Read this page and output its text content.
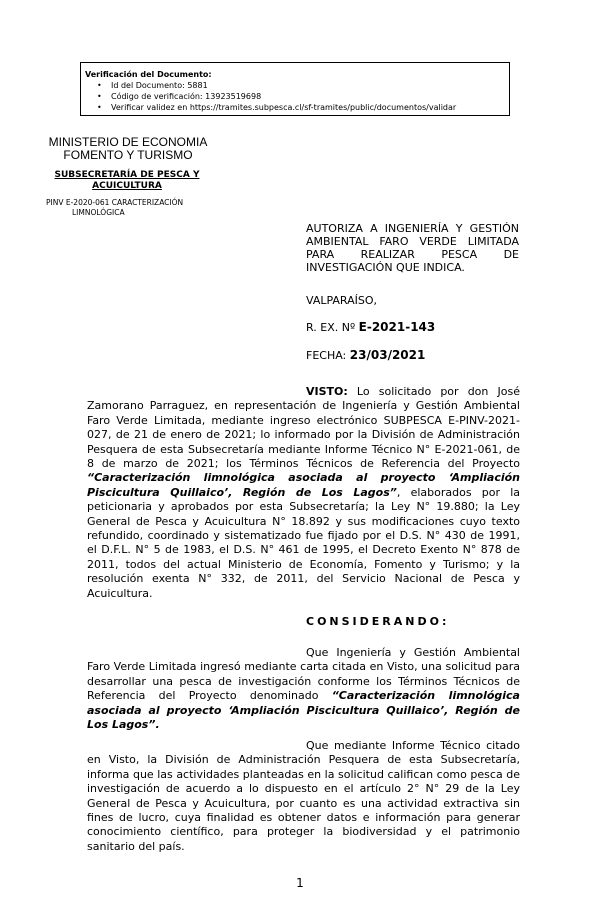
Verificación del Documento:

• Id del Documento: 5881
• Código de verificación: 13923519698
• Verificar validez en https://tramites.subpesca.cl/sf-tramites/public/documentos/validar
MINISTERIO DE ECONOMIA
FOMENTO Y TURISMO
SUBSECRETARÍA DE PESCA Y
ACUICULTURA
PINV E-2020-061 CARACTERIZACIÓN
LIMNOLÓGICA
AUTORIZA A INGENIERÍA Y GESTIÓN AMBIENTAL FARO VERDE LIMITADA PARA REALIZAR PESCA DE INVESTIGACIÓN QUE INDICA.
VALPARAÍSO,
R. EX. Nº E-2021-143
FECHA: 23/03/2021
VISTO: Lo solicitado por don José Zamorano Parraguez, en representación de Ingeniería y Gestión Ambiental Faro Verde Limitada, mediante ingreso electrónico SUBPESCA E-PINV-2021-027, de 21 de enero de 2021; lo informado por la División de Administración Pesquera de esta Subsecretaría mediante Informe Técnico N° E-2021-061, de 8 de marzo de 2021; los Términos Técnicos de Referencia del Proyecto “Caracterización limnológica asociada al proyecto ‘Ampliación Piscicultura Quillaico’, Región de Los Lagos”, elaborados por la peticionaria y aprobados por esta Subsecretaría; la Ley N° 19.880; la Ley General de Pesca y Acuicultura N° 18.892 y sus modificaciones cuyo texto refundido, coordinado y sistematizado fue fijado por el D.S. N° 430 de 1991, el D.F.L. N° 5 de 1983, el D.S. N° 461 de 1995, el Decreto Exento N° 878 de 2011, todos del actual Ministerio de Economía, Fomento y Turismo; y la resolución exenta N° 332, de 2011, del Servicio Nacional de Pesca y Acuicultura.
CONSIDERANDO:
Que Ingeniería y Gestión Ambiental Faro Verde Limitada ingresó mediante carta citada en Visto, una solicitud para desarrollar una pesca de investigación conforme los Términos Técnicos de Referencia del Proyecto denominado “Caracterización limnológica asociada al proyecto ‘Ampliación Piscicultura Quillaico’, Región de Los Lagos”.
Que mediante Informe Técnico citado en Visto, la División de Administración Pesquera de esta Subsecretaría, informa que las actividades planteadas en la solicitud califican como pesca de investigación de acuerdo a lo dispuesto en el artículo 2° N° 29 de la Ley General de Pesca y Acuicultura, por cuanto es una actividad extractiva sin fines de lucro, cuya finalidad es obtener datos e información para generar conocimiento científico, para proteger la biodiversidad y el patrimonio sanitario del país.
1
